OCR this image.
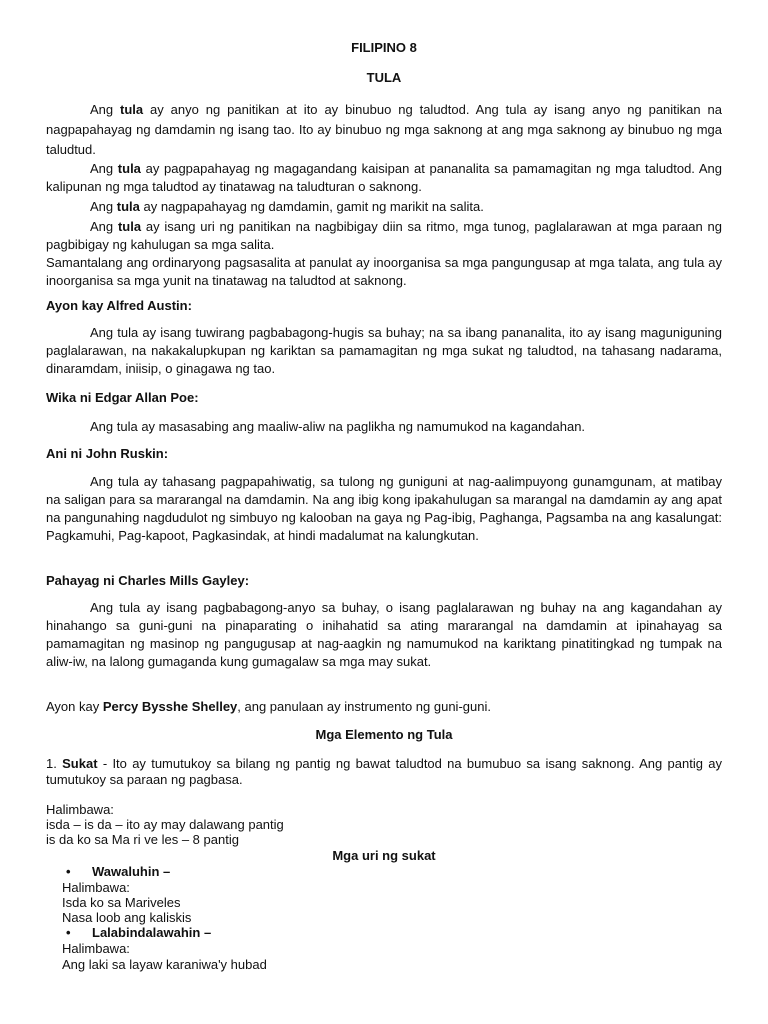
FILIPINO 8
TULA
Ang tula ay anyo ng panitikan at ito ay binubuo ng taludtod. Ang tula ay isang anyo ng panitikan na nagpapahayag ng damdamin ng isang tao. Ito ay binubuo ng mga saknong at ang mga saknong ay binubuo ng mga taludtud.
Ang tula ay pagpapahayag ng magagandang kaisipan at pananalita sa pamamagitan ng mga taludtod. Ang kalipunan ng mga taludtod ay tinatawag na taludturan o saknong.
Ang tula ay nagpapahayag ng damdamin, gamit ng marikit na salita.
Ang tula ay isang uri ng panitikan na nagbibigay diin sa ritmo, mga tunog, paglalarawan at mga paraan ng pagbibigay ng kahulugan sa mga salita.
Samantalang ang ordinaryong pagsasalita at panulat ay inoorganisa sa mga pangungusap at mga talata, ang tula ay inoorganisa sa mga yunit na tinatawag na taludtod at saknong.
Ayon kay Alfred Austin:
Ang tula ay isang tuwirang pagbabagong-hugis sa buhay; na sa ibang pananalita, ito ay isang maguniguning paglalarawan, na nakakalupkupan ng kariktan sa pamamagitan ng mga sukat ng taludtod, na tahasang nadarama, dinaramdam, iniisip, o ginagawa ng tao.
Wika ni Edgar Allan Poe:
Ang tula ay masasabing ang maaliw-aliw na paglikha ng namumukod na kagandahan.
Ani ni John Ruskin:
Ang tula ay tahasang pagpapahiwatig, sa tulong ng guniguni at nag-aalimpuyong gunamgunam, at matibay na saligan para sa mararangal na damdamin. Na ang ibig kong ipakahulugan sa marangal na damdamin ay ang apat na pangunahing nagdudulot ng simbuyo ng kalooban na gaya ng Pag-ibig, Paghanga, Pagsamba na ang kasalungat: Pagkamuhi, Pag-kapoot, Pagkasindak, at hindi madalumat na kalungkutan.
Pahayag ni Charles Mills Gayley:
Ang tula ay isang pagbabagong-anyo sa buhay, o isang paglalarawan ng buhay na ang kagandahan ay hinahango sa guni-guni na pinaparating o inihahatid sa ating mararangal na damdamin at ipinahayag sa pamamagitan ng masinop ng pangugusap at nag-aagkin ng namumukod na kariktang pinatitingkad ng tumpak na aliw-iw, na lalong gumaganda kung gumagalaw sa mga may sukat.
Ayon kay Percy Bysshe Shelley, ang panulaan ay instrumento ng guni-guni.
Mga Elemento ng Tula
1. Sukat - Ito ay tumutukoy sa bilang ng pantig ng bawat taludtod na bumubuo sa isang saknong. Ang pantig ay tumutukoy sa paraan ng pagbasa.
Halimbawa:
isda – is da – ito ay may dalawang pantig
is da ko sa Ma ri ve les – 8 pantig
Mga uri ng sukat
• Wawaluhin –
Halimbawa:
Isda ko sa Mariveles
Nasa loob ang kaliskis
• Lalabindalawahin –
Halimbawa:
Ang laki sa layaw karaniwa'y hubad
